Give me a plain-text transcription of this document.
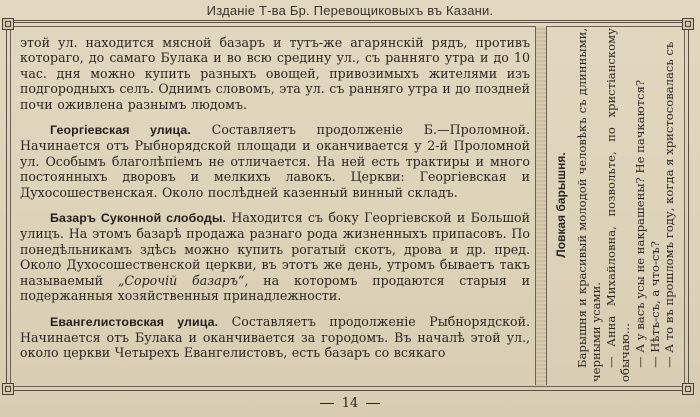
Изданiе Т-ва Бр. Перевощиковыхъ въ Казани.

этой ул. находится мясной базаръ и тутъ-же агарянскiй рядъ, противъ котораго, до самаго Булака и во всю средину ул., съ ранняго утра и до 10 час. дня можно купить разныхъ овощей, привозимыхъ жителями изъ подгородныхъ селъ. Однимъ словомъ, эта ул. съ ранняго утра и до поздней почи оживлена разнымъ людомъ.

Георгiевская улица. Составляетъ продолженiе Б.—Проломной. Начинается отъ Рыбнорядской площади и оканчивается у 2-й Проломной ул. Особымъ благолѣпiемъ не отличается. На ней есть трактиры и много постоянныхъ дворовъ и мелкихъ лавокъ. Церкви: Георгiевская и Духосошественская. Около послѣдней казенный винный складъ.

Базаръ Суконной слободы. Находится съ боку Георгiевской и Большой улицъ. На этомъ базарѣ продажа разнаго рода жизненныхъ припасовъ. По понедѣльникамъ здѣсь можно купить рогатый скотъ, дрова и др. пред. Около Духосошественской церкви, въ этотъ же день, утромъ бываетъ такъ называемый „Сорочiй базаръ“, на которомъ продаются старыя и подержанныя хозяйственныя принадлежности.

Евангелистовская улица. Составляетъ продолженiе Рыбнорядской. Начинается отъ Булака и оканчивается за городомъ. Въ началѣ этой ул., около церкви Четырехъ Евангелистовъ, есть базаръ со всякаго

Ловкая барышня. Барышня и красивый молодой человѣкъ съ длинными, черными усами. — Анна Михайловна, позвольте, по христiанскому обычаю... — А у васъ усы не накрашены? Не пачкаются? — Нѣтъ-съ, а что-съ? — А то въ прошломъ году, когда я христосовалась съ

14
